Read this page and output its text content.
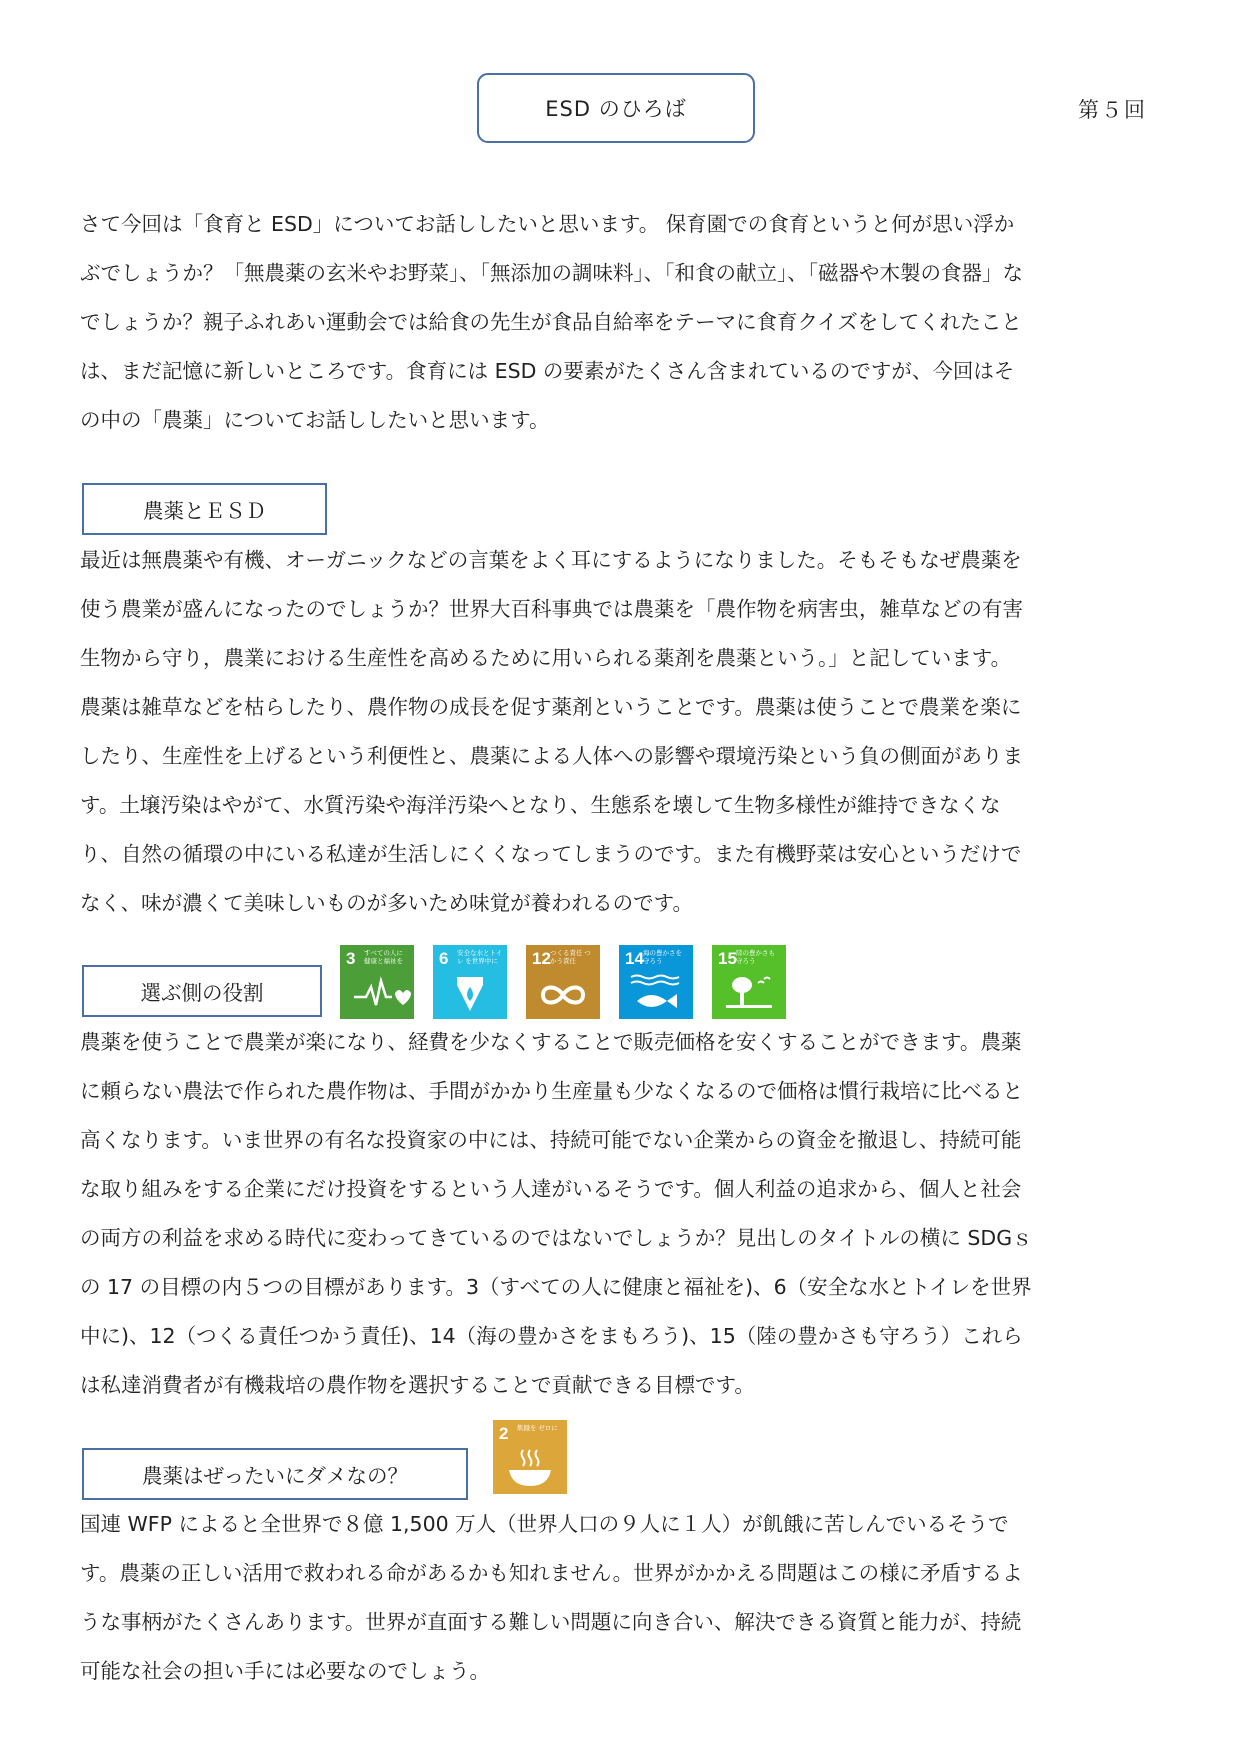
ESD のひろば	第５回

さて今回は「食育と ESD」についてお話ししたいと思います。 保育園での食育というと何が思い浮か
ぶでしょうか？「無農薬の玄米やお野菜」、「無添加の調味料」、「和食の献立」、「磁器や木製の食器」な
でしょうか？親子ふれあい運動会では給食の先生が食品自給率をテーマに食育クイズをしてくれたこと
は、まだ記憶に新しいところです。食育には ESD の要素がたくさん含まれているのですが、今回はそ
の中の「農薬」についてお話ししたいと思います。

農薬とＥＳＤ

最近は無農薬や有機、オーガニックなどの言葉をよく耳にするようになりました。そもそもなぜ農薬を
使う農業が盛んになったのでしょうか？世界大百科事典では農薬を「農作物を病害虫，雑草などの有害
生物から守り，農業における生産性を高めるために用いられる薬剤を農薬という。」と記しています。
農薬は雑草などを枯らしたり、農作物の成長を促す薬剤ということです。農薬は使うことで農業を楽に
したり、生産性を上げるという利便性と、農薬による人体への影響や環境汚染という負の側面がありま
す。土壌汚染はやがて、水質汚染や海洋汚染へとなり、生態系を壊して生物多様性が維持できなくな
り、自然の循環の中にいる私達が生活しにくくなってしまうのです。また有機野菜は安心というだけで
なく、味が濃くて美味しいものが多いため味覚が養われるのです。

選ぶ側の役割
3 すべての人に 健康と福祉を	6 安全な水とトイレ を世界中に	12 つくる責任 つかう責任	14 海の豊かさを 守ろう	15 陸の豊かさも 守ろう

農薬を使うことで農業が楽になり、経費を少なくすることで販売価格を安くすることができます。農薬
に頼らない農法で作られた農作物は、手間がかかり生産量も少なくなるので価格は慣行栽培に比べると
高くなります。いま世界の有名な投資家の中には、持続可能でない企業からの資金を撤退し、持続可能
な取り組みをする企業にだけ投資をするという人達がいるそうです。個人利益の追求から、個人と社会
の両方の利益を求める時代に変わってきているのではないでしょうか？見出しのタイトルの横に SDGｓ
の 17 の目標の内５つの目標があります。3（すべての人に健康と福祉を)、6（安全な水とトイレを世界
中に)、12（つくる責任つかう責任)、14（海の豊かさをまもろう)、15（陸の豊かさも守ろう）これら
は私達消費者が有機栽培の農作物を選択することで貢献できる目標です。

農薬はぜったいにダメなの？
2 飢餓を ゼロに

国連 WFP によると全世界で８億 1,500 万人（世界人口の９人に１人）が飢餓に苦しんでいるそうで
す。農薬の正しい活用で救われる命があるかも知れません。世界がかかえる問題はこの様に矛盾するよ
うな事柄がたくさんあります。世界が直面する難しい問題に向き合い、解決できる資質と能力が、持続
可能な社会の担い手には必要なのでしょう。
